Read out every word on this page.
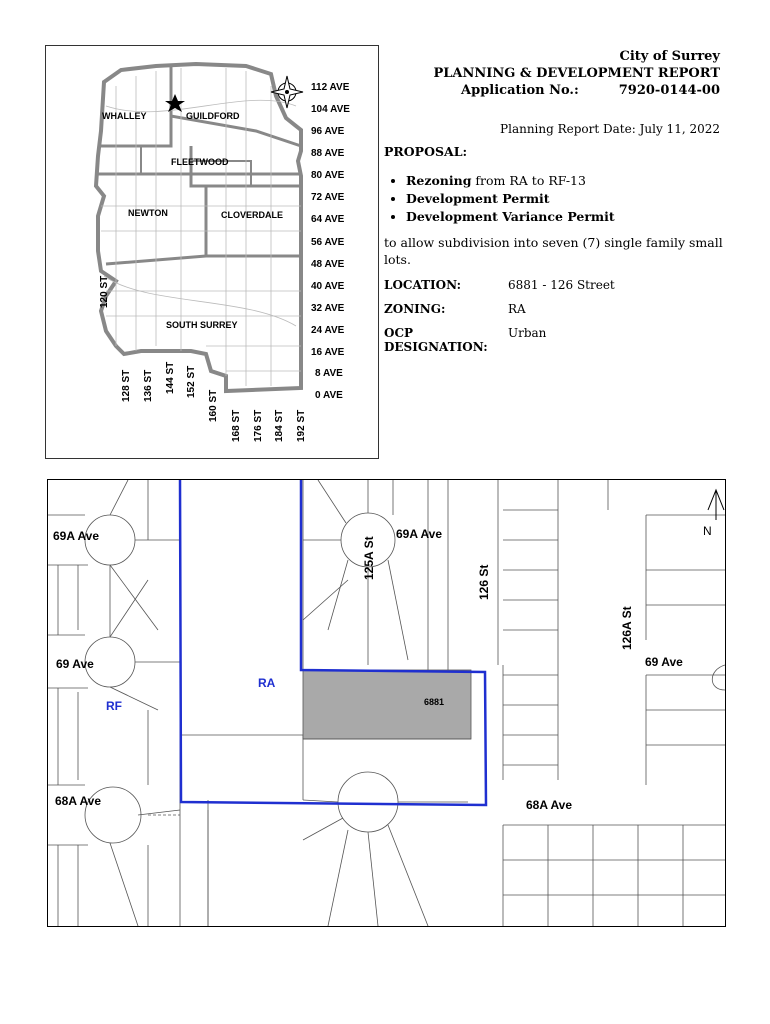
WHALLEY	GUILDFORD
FLEETWOOD
NEWTON	CLOVERDALE
SOUTH SURREY
112 AVE
104 AVE
96 AVE
88 AVE
80 AVE
72 AVE
64 AVE
56 AVE
48 AVE
40 AVE
32 AVE
24 AVE
16 AVE
8 AVE
0 AVE
120 ST
128 ST 136 ST 144 ST 152 ST
160 ST
168 ST 176 ST 184 ST 192 ST
City of Surrey
PLANNING & DEVELOPMENT REPORT
Application No.:	7920-0144-00
Planning Report Date: July 11, 2022
PROPOSAL:
• Rezoning from RA to RF-13
• Development Permit
• Development Variance Permit
to allow subdivision into seven (7) single family small lots.
LOCATION:	6881 - 126 Street
ZONING:	RA
OCP DESIGNATION:
Urban
N
69A Ave
125A St
69A Ave
126 St
126A St
69 Ave	69 Ave
68A Ave	68A Ave
RA
RF	6881
